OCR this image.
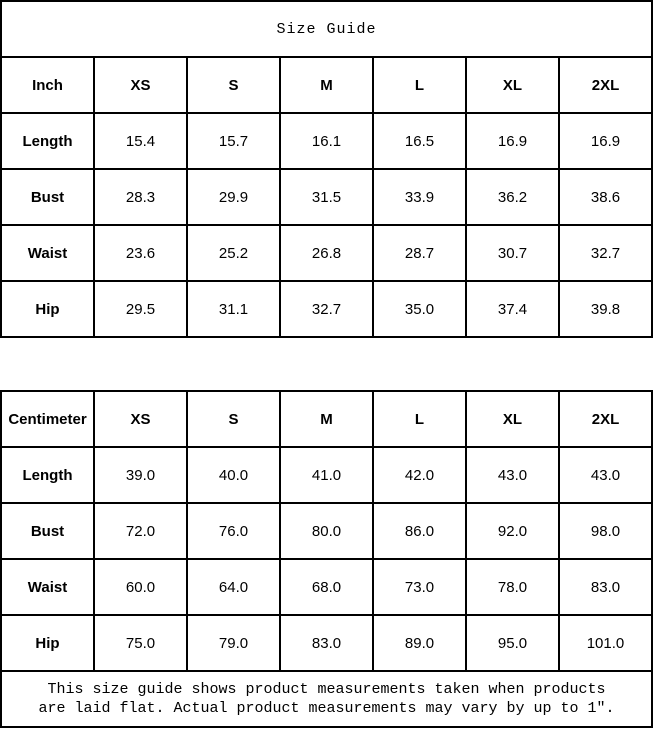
Size Guide						
Inch	XS	S	M	L	XL	2XL
Length	15.4	15.7	16.1	16.5	16.9	16.9
Bust	28.3	29.9	31.5	33.9	36.2	38.6
Waist	23.6	25.2	26.8	28.7	30.7	32.7
Hip	29.5	31.1	32.7	35.0	37.4	39.8
Centimeter	XS	S	M	L	XL	2XL
Length	39.0	40.0	41.0	42.0	43.0	43.0
Bust	72.0	76.0	80.0	86.0	92.0	98.0
Waist	60.0	64.0	68.0	73.0	78.0	83.0
Hip	75.0	79.0	83.0	89.0	95.0	101.0

This size guide shows product measurements taken when products
are laid flat. Actual product measurements may vary by up to 1″.						
